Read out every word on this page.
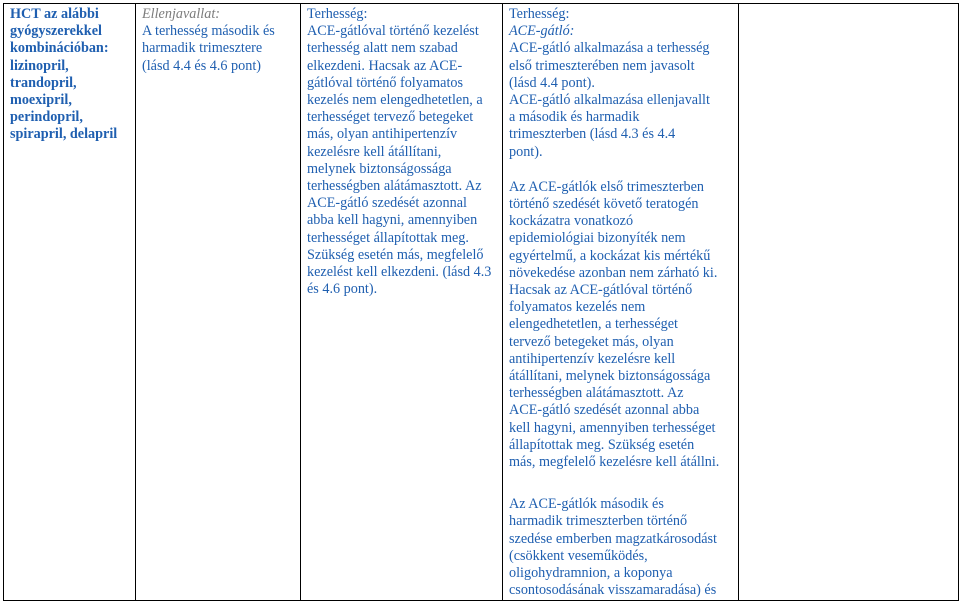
HCT az alábbi
gyógyszerekkel
kombinációban:
lizinopril,
trandopril,
moexipril,
perindopril,
spirapril, delapril

Ellenjavallat:
A terhesség második és
harmadik trimesztere
(lásd 4.4 és 4.6 pont)

Terhesség:
ACE-gátlóval történő kezelést
terhesség alatt nem szabad
elkezdeni. Hacsak az ACE-
gátlóval történő folyamatos
kezelés nem elengedhetetlen, a
terhességet tervező betegeket
más, olyan antihipertenzív
kezelésre kell átállítani,
melynek biztonságossága
terhességben alátámasztott. Az
ACE-gátló szedését azonnal
abba kell hagyni, amennyiben
terhességet állapítottak meg.
Szükség esetén más, megfelelő
kezelést kell elkezdeni. (lásd 4.3
és 4.6 pont).

Terhesség:
ACE-gátló:
ACE-gátló alkalmazása a terhesség
első trimeszterében nem javasolt
(lásd 4.4 pont).
ACE-gátló alkalmazása ellenjavallt
a második és harmadik
trimeszterben (lásd 4.3 és 4.4
pont).
Az ACE-gátlók első trimeszterben
történő szedését követő teratogén
kockázatra vonatkozó
epidemiológiai bizonyíték nem
egyértelmű, a kockázat kis mértékű
növekedése azonban nem zárható ki.
Hacsak az ACE-gátlóval történő
folyamatos kezelés nem
elengedhetetlen, a terhességet
tervező betegeket más, olyan
antihipertenzív kezelésre kell
átállítani, melynek biztonságossága
terhességben alátámasztott. Az
ACE-gátló szedését azonnal abba
kell hagyni, amennyiben terhességet
állapítottak meg. Szükség esetén
más, megfelelő kezelésre kell átállni.
Az ACE-gátlók második és
harmadik trimeszterben történő
szedése emberben magzatkárosodást
(csökkent veseműködés,
oligohydramnion, a koponya
csontosodásának visszamaradása) és
